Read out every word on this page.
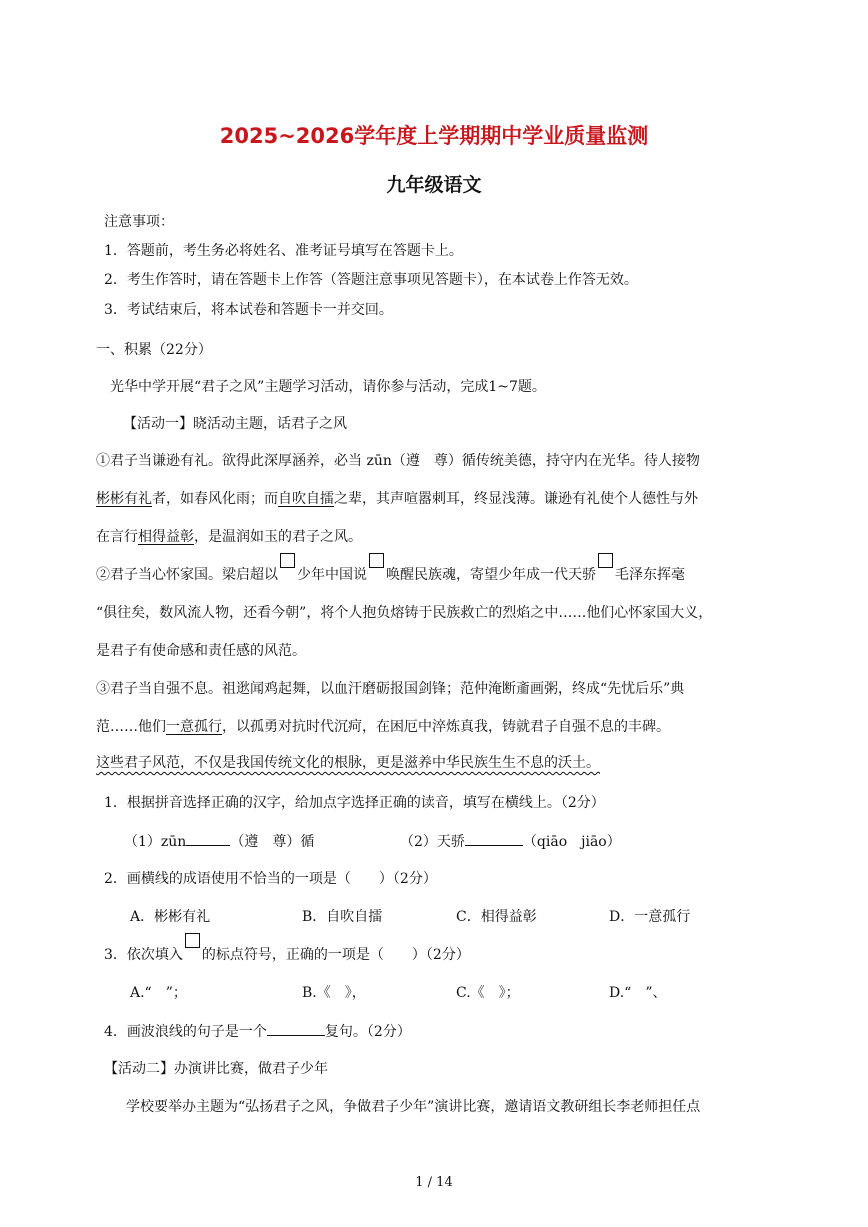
2025~2026学年度上学期期中学业质量监测
九年级语文
注意事项：
1．答题前，考生务必将姓名、准考证号填写在答题卡上。
2．考生作答时，请在答题卡上作答（答题注意事项见答题卡），在本试卷上作答无效。
3．考试结束后，将本试卷和答题卡一并交回。
一、积累（22分）
光华中学开展“君子之风”主题学习活动，请你参与活动，完成1~7题。
【活动一】晓活动主题，话君子之风
①君子当谦逊有礼。欲得此深厚涵养，必当 zūn（遵　尊）循传统美德，持守内在光华。待人接物
彬彬有礼者，如春风化雨；而自吹自擂之辈，其声喧嚣刺耳，终显浅薄。谦逊有礼使个人德性与外
在言行相得益彰，是温润如玉的君子之风。
②君子当心怀家国。梁启超以 少年中国说 唤醒民族魂，寄望少年成一代天骄 毛泽东挥毫
“俱往矣，数风流人物，还看今朝”，将个人抱负熔铸于民族救亡的烈焰之中……他们心怀家国大义，
是君子有使命感和责任感的风范。
③君子当自强不息。祖逖闻鸡起舞，以血汗磨砺报国剑锋；范仲淹断齑画粥，终成“先忧后乐”典
范……他们一意孤行，以孤勇对抗时代沉疴，在困厄中淬炼真我，铸就君子自强不息的丰碑。
这些君子风范，不仅是我国传统文化的根脉，更是滋养中华民族生生不息的沃土。
1．根据拼音选择正确的汉字，给加点字选择正确的读音，填写在横线上。（2分）
（1）zūn	（遵　尊）循	（2）天骄	（qiāo　jiāo）
2．画横线的成语使用不恰当的一项是（　　）（2分）
A．彬彬有礼	B．自吹自擂	C．相得益彰	D．一意孤行
3．依次填入 的标点符号，正确的一项是（　　）（2分）
A.“　”；	B.《　》，	C.《　》；	D.“　”、
4．画波浪线的句子是一个	复句。（2分）
【活动二】办演讲比赛，做君子少年
学校要举办主题为“弘扬君子之风，争做君子少年”演讲比赛，邀请语文教研组长李老师担任点
1 / 14
